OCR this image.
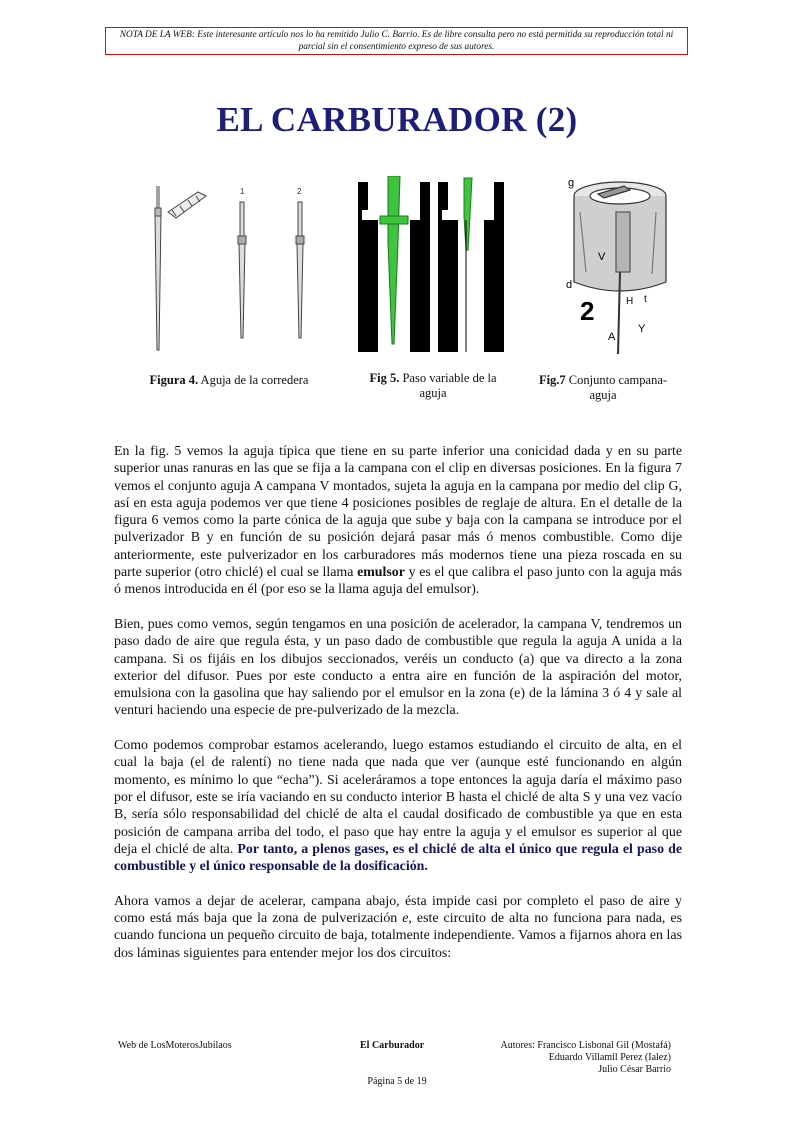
NOTA DE LA WEB: Este interesante artículo nos lo ha remitido Julio C. Barrio. Es de libre consulta pero no está permitida su reproducción total ni parcial sin el consentimiento expreso de sus autores.
EL CARBURADOR (2)
1	2
g
V
d
2	H t
A
Y
Figura 4. Aguja de la corredera	Fig 5. Paso variable de la aguja
Fig.7 Conjunto campana-aguja

En la fig. 5 vemos la aguja típica que tiene en su parte inferior una conicidad dada y en su parte superior unas ranuras en las que se fija a la campana con el clip en diversas posiciones. En la figura 7 vemos el conjunto aguja A campana V montados, sujeta la aguja en la campana por medio del clip G, así en esta aguja podemos ver que tiene 4 posiciones posibles de reglaje de altura. En el detalle de la figura 6 vemos como la parte cónica de la aguja que sube y baja con la campana se introduce por el pulverizador B y en función de su posición dejará pasar más ó menos combustible. Como dije anteriormente, este pulverizador en los carburadores más modernos tiene una pieza roscada en su parte superior (otro chiclé) el cual se llama emulsor y es el que calibra el paso junto con la aguja más ó menos introducida en él (por eso se la llama aguja del emulsor).

Bien, pues como vemos, según tengamos en una posición de acelerador, la campana V, tendremos un paso dado de aire que regula ésta, y un paso dado de combustible que regula la aguja A unida a la campana. Si os fijáis en los dibujos seccionados, veréis un conducto (a) que va directo a la zona exterior del difusor. Pues por este conducto a entra aire en función de la aspiración del motor, emulsiona con la gasolina que hay saliendo por el emulsor en la zona (e) de la lámina 3 ó 4 y sale al venturi haciendo una especie de pre-pulverizado de la mezcla.

Como podemos comprobar estamos acelerando, luego estamos estudiando el circuito de alta, en el cual la baja (el de ralentí) no tiene nada que nada que ver (aunque esté funcionando en algún momento, es mínimo lo que “echa”). Si aceleráramos a tope entonces la aguja daría el máximo paso por el difusor, este se iría vaciando en su conducto interior B hasta el chiclé de alta S y una vez vacío B, sería sólo responsabilidad del chiclé de alta el caudal dosificado de combustible ya que en esta posición de campana arriba del todo, el paso que hay entre la aguja y el emulsor es superior al que deja el chiclé de alta. Por tanto, a plenos gases, es el chiclé de alta el único que regula el paso de combustible y el único responsable de la dosificación.

Ahora vamos a dejar de acelerar, campana abajo, ésta impide casi por completo el paso de aire y como está más baja que la zona de pulverización e, este circuito de alta no funciona para nada, es cuando funciona un pequeño circuito de baja, totalmente independiente. Vamos a fijarnos ahora en las dos láminas siguientes para entender mejor los dos circuitos:

Web de LosMoterosJubilaos	El Carburador	Autores: Francisco Lisbonal Gil (Mostafá)
Eduardo Villamil Perez (Ialez)
Julio César Barrio
Página 5 de 19
